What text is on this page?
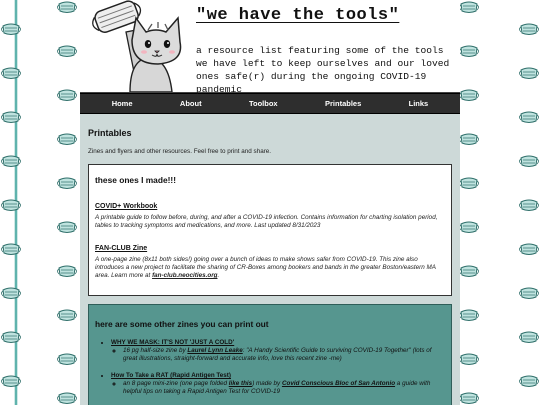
"we have the tools"

a resource list featuring some of the tools we have left to keep ourselves and our loved ones safe(r) during the ongoing COVID-19 pandemic

Home	About	Toolbox	Printables	Links
Printables

Zines and flyers and other resources. Feel free to print and share.

these ones I made!!!
COVID+ Workbook
A printable guide to follow before, during, and after a COVID-19 infection. Contains information for charting isolation period, tables to tracking symptoms and medications, and more. Last updated 8/31/2023
FAN-CLUB Zine
A one-page zine (8x11 both sides!) going over a bunch of ideas to make shows safer from COVID-19. This zine also introduces a new project to facilitate the sharing of CR-Boxes among bookers and bands in the greater Boston/eastern MA area. Learn more at fan-club.neocities.org.
here are some other zines you can print out
• WHY WE MASK: IT'S NOT 'JUST A COLD'
◦ 16 pg half-size zine by Laurel Lynn Leake: "A Handy Scientific Guide to surviving COVID-19 Together" (lots of great illustrations, straight-forward and accurate info, love this recent zine -me)
• How To Take a RAT (Rapid Antigen Test)
◦ an 8 page mini-zine (one page folded like this) made by Covid Conscious Bloc of San Antonio a guide with helpful tips on taking a Rapid Antigen Test for COVID-19
